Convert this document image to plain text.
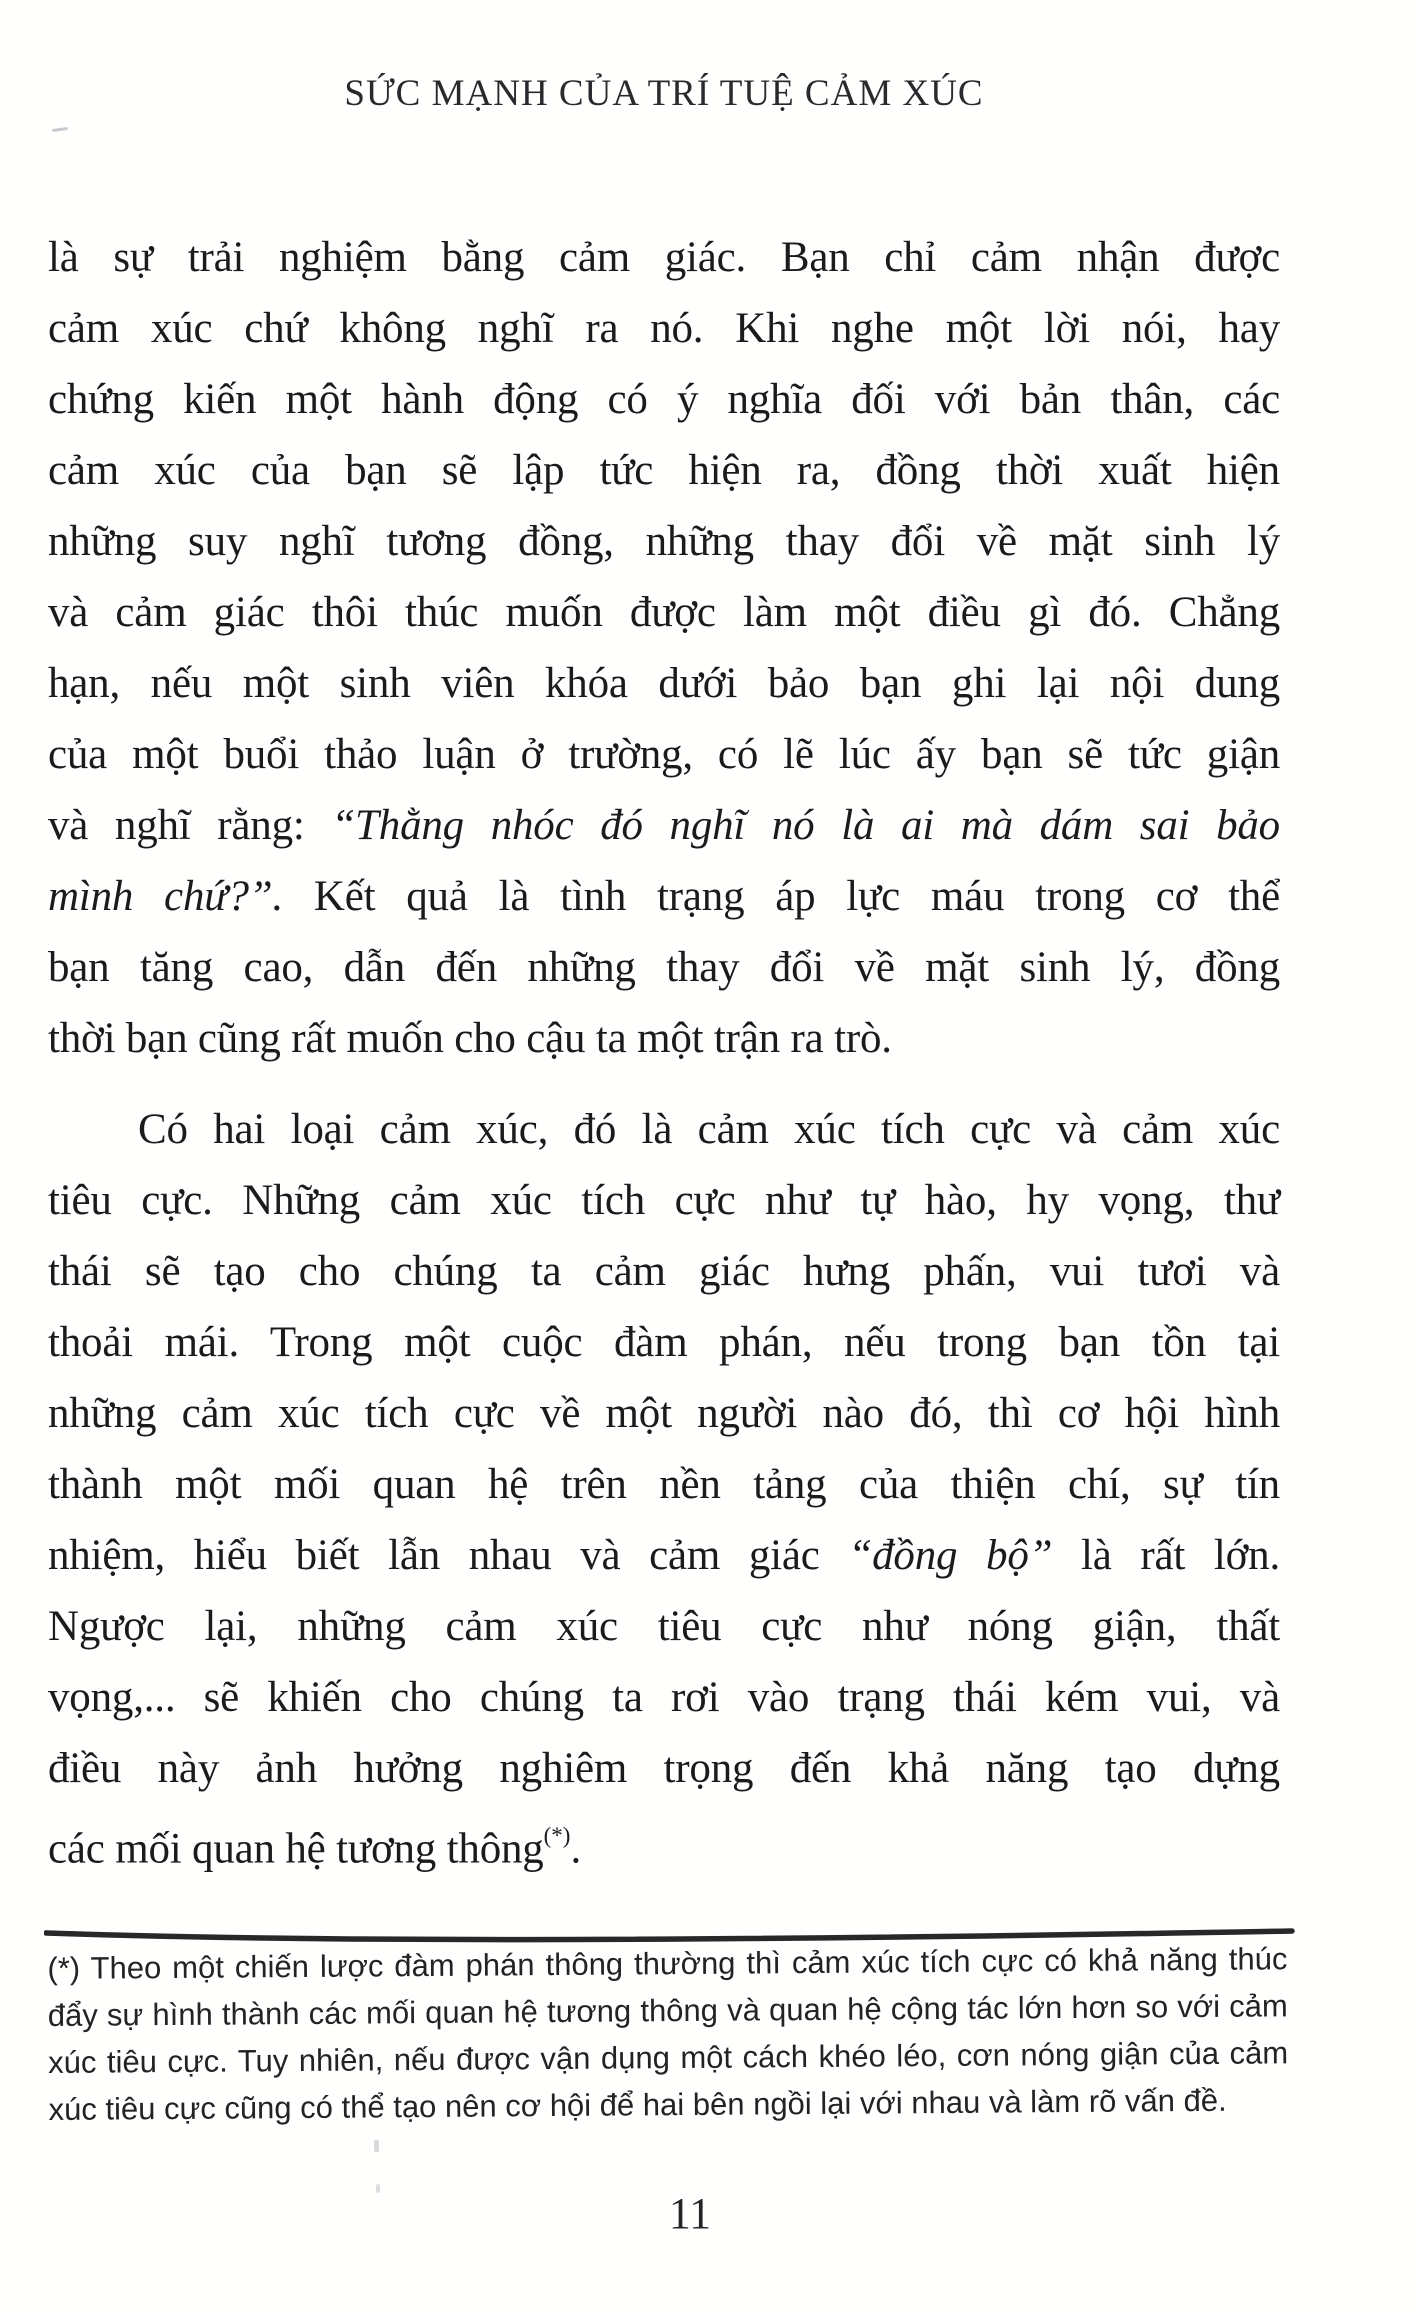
SỨC MẠNH CỦA TRÍ TUỆ CẢM XÚC
là sự trải nghiệm bằng cảm giác. Bạn chỉ cảm nhận được
cảm xúc chứ không nghĩ ra nó. Khi nghe một lời nói, hay
chứng kiến một hành động có ý nghĩa đối với bản thân, các
cảm xúc của bạn sẽ lập tức hiện ra, đồng thời xuất hiện
những suy nghĩ tương đồng, những thay đổi về mặt sinh lý
và cảm giác thôi thúc muốn được làm một điều gì đó. Chẳng
hạn, nếu một sinh viên khóa dưới bảo bạn ghi lại nội dung
của một buổi thảo luận ở trường, có lẽ lúc ấy bạn sẽ tức giận
và nghĩ rằng: “Thằng nhóc đó nghĩ nó là ai mà dám sai bảo
mình chứ?”. Kết quả là tình trạng áp lực máu trong cơ thể
bạn tăng cao, dẫn đến những thay đổi về mặt sinh lý, đồng
thời bạn cũng rất muốn cho cậu ta một trận ra trò.
Có hai loại cảm xúc, đó là cảm xúc tích cực và cảm xúc
tiêu cực. Những cảm xúc tích cực như tự hào, hy vọng, thư
thái sẽ tạo cho chúng ta cảm giác hưng phấn, vui tươi và
thoải mái. Trong một cuộc đàm phán, nếu trong bạn tồn tại
những cảm xúc tích cực về một người nào đó, thì cơ hội hình
thành một mối quan hệ trên nền tảng của thiện chí, sự tín
nhiệm, hiểu biết lẫn nhau và cảm giác “đồng bộ” là rất lớn.
Ngược lại, những cảm xúc tiêu cực như nóng giận, thất
vọng,... sẽ khiến cho chúng ta rơi vào trạng thái kém vui, và
điều này ảnh hưởng nghiêm trọng đến khả năng tạo dựng
các mối quan hệ tương thông(*).
(*) Theo một chiến lược đàm phán thông thường thì cảm xúc tích cực có khả năng thúc
đẩy sự hình thành các mối quan hệ tương thông và quan hệ cộng tác lớn hơn so với cảm
xúc tiêu cực. Tuy nhiên, nếu được vận dụng một cách khéo léo, cơn nóng giận của cảm
xúc tiêu cực cũng có thể tạo nên cơ hội để hai bên ngồi lại với nhau và làm rõ vấn đề.
11
